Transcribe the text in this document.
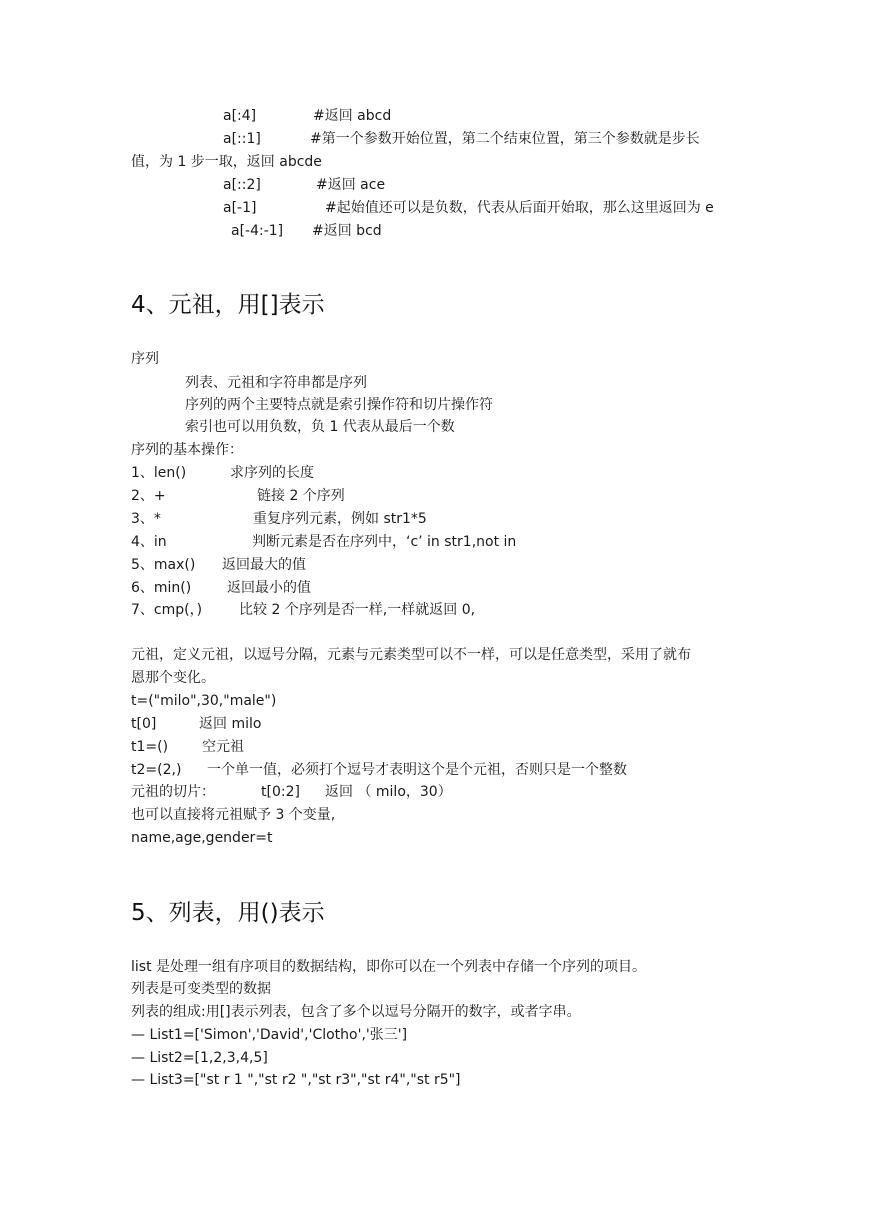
a[:4]	#返回 abcd
a[::1]	#第一个参数开始位置，第二个结束位置，第三个参数就是步长
值，为 1 步一取，返回 abcde
a[::2]	#返回 ace
a[-1]	#起始值还可以是负数，代表从后面开始取，那么这里返回为 e
a[-4:-1] #返回 bcd
4、元祖，用[]表示
序列
列表、元祖和字符串都是序列
序列的两个主要特点就是索引操作符和切片操作符
索引也可以用负数，负 1 代表从最后一个数
序列的基本操作：
1、len()	求序列的长度
2、+	链接 2 个序列
3、*	重复序列元素，例如 str1*5
4、in	判断元素是否在序列中，‘c’ in str1,not in
5、max() 返回最大的值
6、min()	返回最小的值
7、cmp(，)	比较 2 个序列是否一样,一样就返回 0,
元祖，定义元祖，以逗号分隔，元素与元素类型可以不一样，可以是任意类型，采用了就布
恩那个变化。
t=("milo",30,"male")
t[0]	返回 milo
t1=() 空元祖
t2=(2,) 一个单一值，必须打个逗号才表明这个是个元祖，否则只是一个整数
元祖的切片：	t[0:2] 返回 （ milo，30）
也可以直接将元祖赋予 3 个变量,
name,age,gender=t
5、列表，用()表示
list 是处理一组有序项目的数据结构，即你可以在一个列表中存储一个序列的项目。
列表是可变类型的数据
列表的组成:用[]表示列表，包含了多个以逗号分隔开的数字，或者字串。
— List1=['Simon','David','Clotho','张三']
— List2=[1,2,3,4,5]
— List3=["st r 1 ","st r2 ","st r3","st r4","st r5"]
